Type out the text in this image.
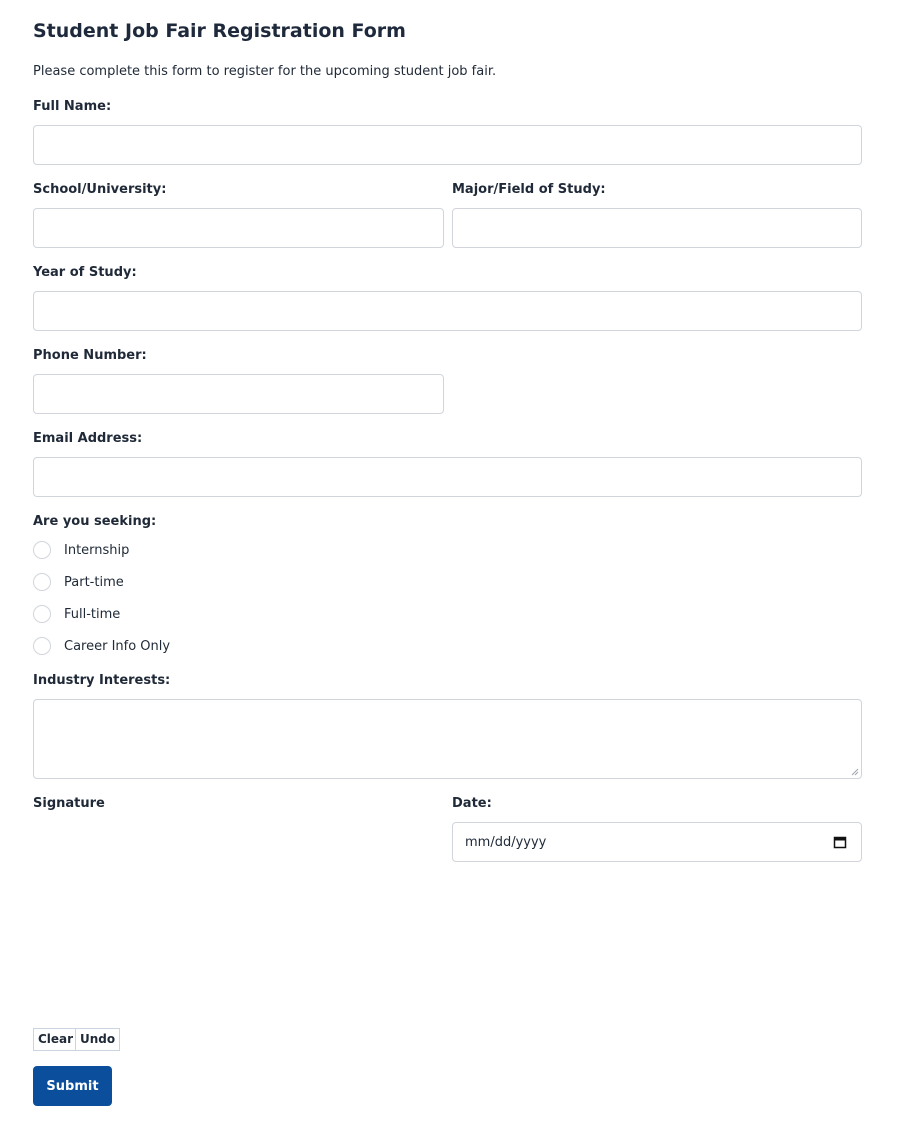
Student Job Fair Registration Form
Please complete this form to register for the upcoming student job fair.
Full Name:
School/University:	Major/Field of Study:
Year of Study:
Phone Number:
Email Address:
Are you seeking:
Internship
Part-time
Full-time
Career Info Only
Industry Interests:
Signature	Date:
mm/dd/yyyy
Clear Undo
Submit
